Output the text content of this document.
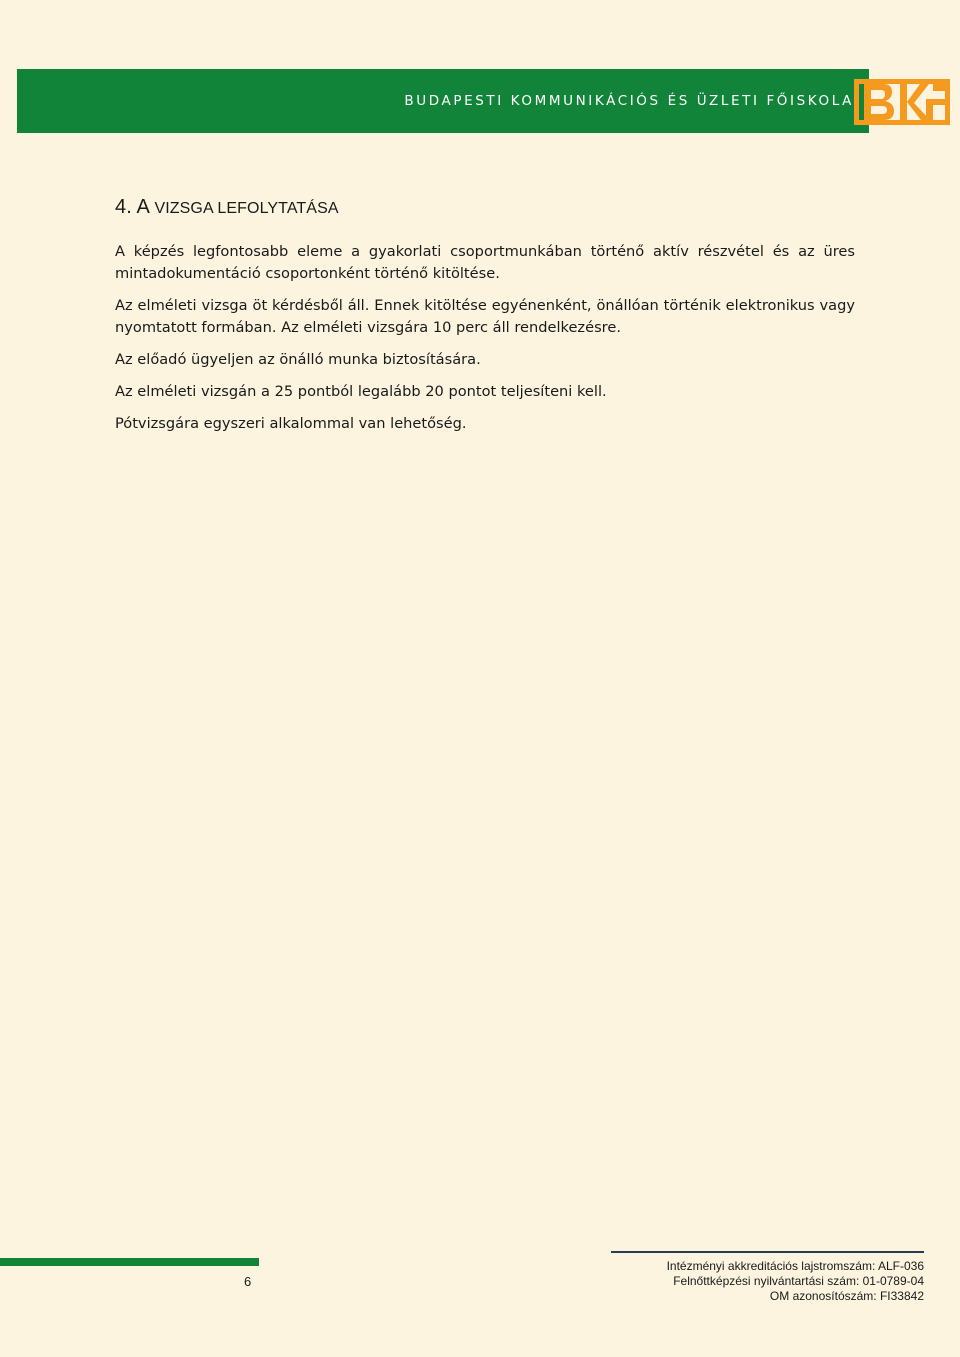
BUDAPESTI KOMMUNIKÁCIÓS ÉS ÜZLETI FŐISKOLA
4. A VIZSGA LEFOLYTATÁSA

A képzés legfontosabb eleme a gyakorlati csoportmunkában történő aktív részvétel és az üres mintadokumentáció csoportonként történő kitöltése.

Az elméleti vizsga öt kérdésből áll. Ennek kitöltése egyénenként, önállóan történik elektronikus vagy nyomtatott formában. Az elméleti vizsgára 10 perc áll rendelkezésre.

Az előadó ügyeljen az önálló munka biztosítására.

Az elméleti vizsgán a 25 pontból legalább 20 pontot teljesíteni kell.

Pótvizsgára egyszeri alkalommal van lehetőség.

6
Intézményi akkreditációs lajstromszám: ALF-036
Felnőttképzési nyilvántartási szám: 01-0789-04
OM azonosítószám: FI33842
